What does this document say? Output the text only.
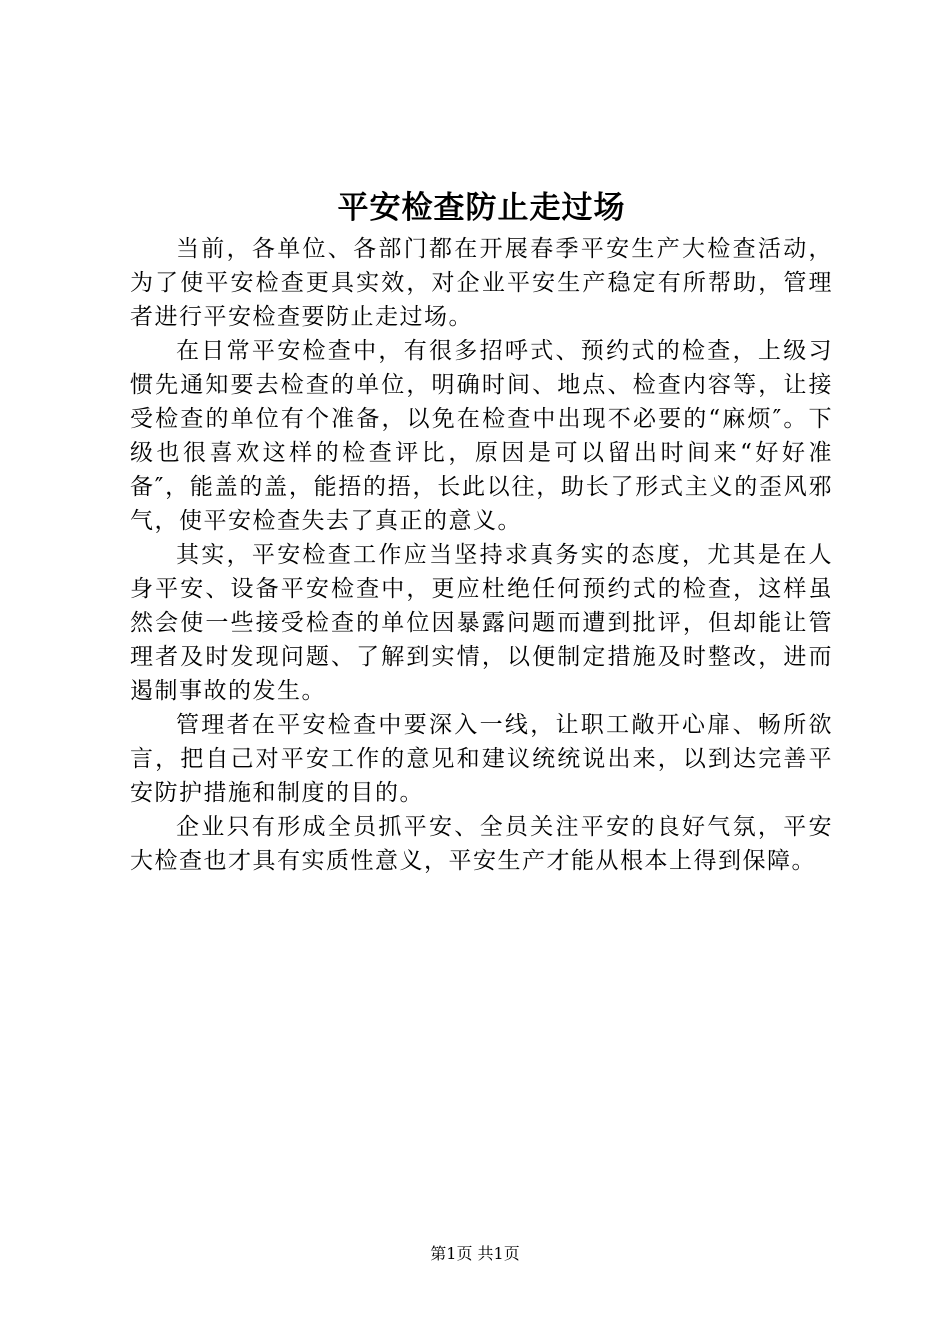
平安检查防止走过场

当前，各单位、各部门都在开展春季平安生产大检查活动，为了使平安检查更具实效，对企业平安生产稳定有所帮助，管理者进行平安检查要防止走过场。

在日常平安检查中，有很多招呼式、预约式的检查，上级习惯先通知要去检查的单位，明确时间、地点、检查内容等，让接受检查的单位有个准备，以免在检查中出现不必要的“麻烦″。下级也很喜欢这样的检查评比，原因是可以留出时间来“好好准备″，能盖的盖，能捂的捂，长此以往，助长了形式主义的歪风邪气，使平安检查失去了真正的意义。

其实，平安检查工作应当坚持求真务实的态度，尤其是在人身平安、设备平安检查中，更应杜绝任何预约式的检查，这样虽然会使一些接受检查的单位因暴露问题而遭到批评，但却能让管理者及时发现问题、了解到实情，以便制定措施及时整改，进而遏制事故的发生。

管理者在平安检查中要深入一线，让职工敞开心扉、畅所欲言，把自己对平安工作的意见和建议统统说出来，以到达完善平安防护措施和制度的目的。

企业只有形成全员抓平安、全员关注平安的良好气氛，平安大检查也才具有实质性意义，平安生产才能从根本上得到保障。

第1页 共1页
